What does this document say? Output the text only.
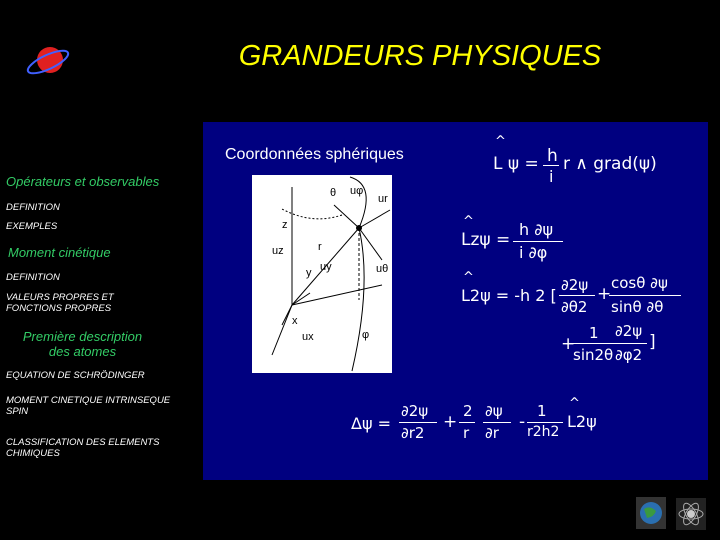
GRANDEURS PHYSIQUES
Opérateurs et observables
DEFINITION
EXEMPLES
Moment cinétique
DEFINITION
VALEURS PROPRES ET
FONCTIONS PROPRES
Première description
des atomes
EQUATION DE SCHRÖDINGER
MOMENT CINETIQUE INTRINSEQUE
SPIN
CLASSIFICATION DES ELEMENTS
CHIMIQUES
Coordonnées sphériques
^
L ψ = h
i
r ∧ grad(ψ)
^
Lzψ =
h ∂ψ
i ∂φ
^
L2ψ = -h 2 [
∂2ψ
∂θ2
+
cosθ ∂ψ
sinθ ∂θ
+
1
sin2θ
∂2ψ
∂φ2
]
Δψ =
∂2ψ
∂r2
+
2
r
∂ψ
∂r
-
1
r2h2
^
L2ψ
θ uφ
ur
z
uz	r
uy
y	uθ
x
ux	φ
